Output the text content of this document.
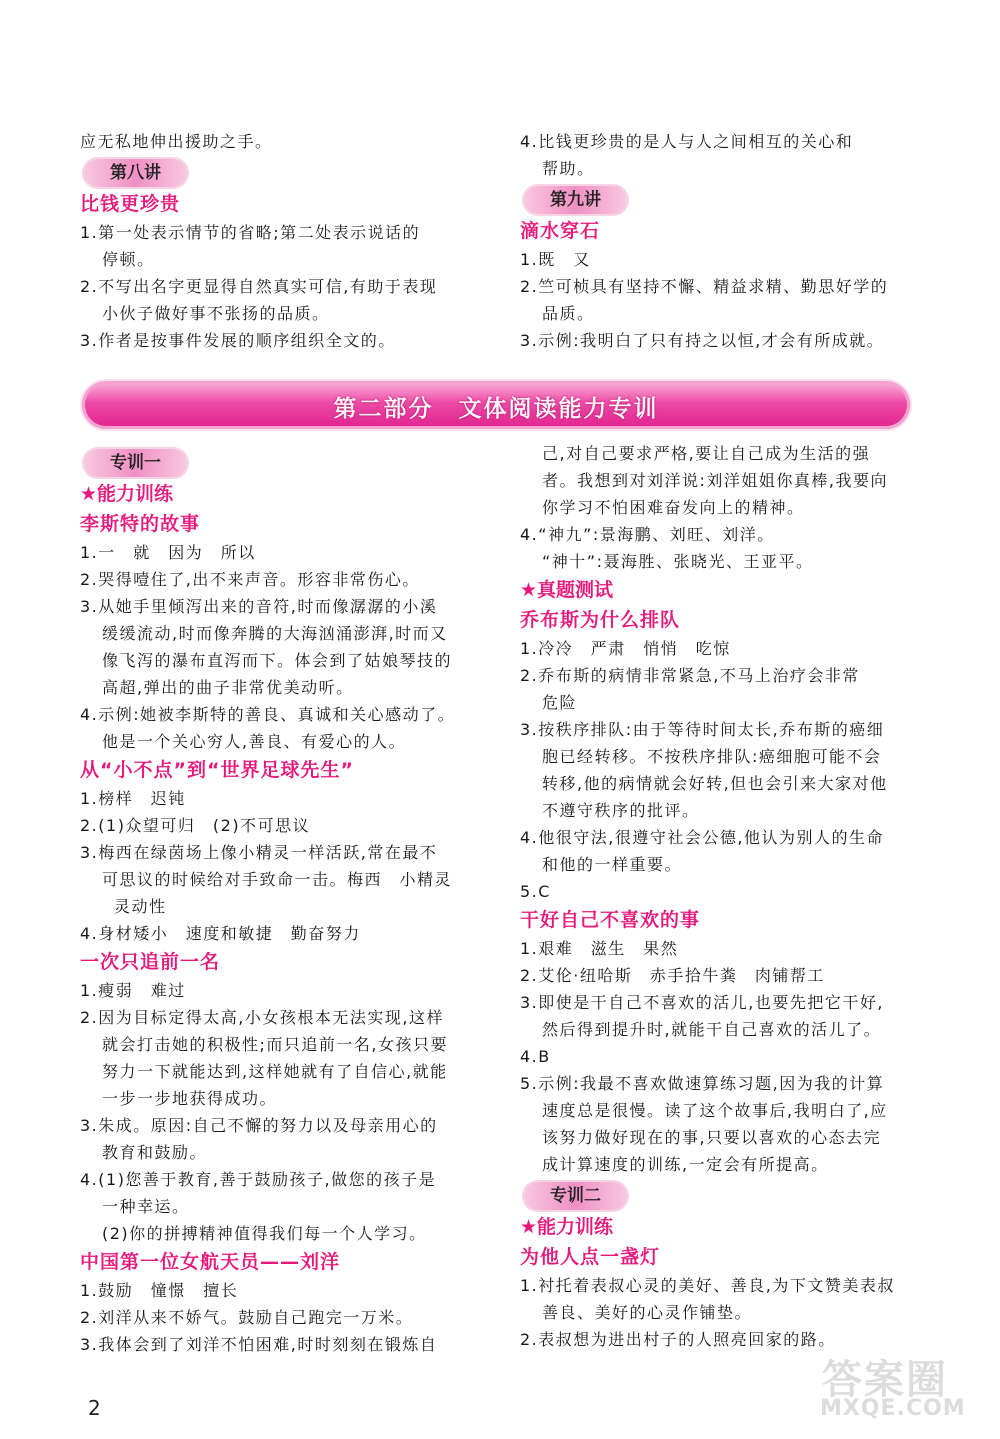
应无私地伸出援助之手。
第八讲
比钱更珍贵
1.第一处表示情节的省略;第二处表示说话的
停顿。
2.不写出名字更显得自然真实可信,有助于表现
小伙子做好事不张扬的品质。
3.作者是按事件发展的顺序组织全文的。
4.比钱更珍贵的是人与人之间相互的关心和
帮助。
第九讲
滴水穿石
1.既　又
2.竺可桢具有坚持不懈、精益求精、勤思好学的
品质。
3.示例:我明白了只有持之以恒,才会有所成就。
第二部分　文体阅读能力专训
专训一
★能力训练
李斯特的故事
1.一　就　因为　所以
2.哭得噎住了,出不来声音。形容非常伤心。
3.从她手里倾泻出来的音符,时而像潺潺的小溪
缓缓流动,时而像奔腾的大海汹涌澎湃,时而又
像飞泻的瀑布直泻而下。体会到了姑娘琴技的
高超,弹出的曲子非常优美动听。
4.示例:她被李斯特的善良、真诚和关心感动了。
他是一个关心穷人,善良、有爱心的人。
从“小不点”到“世界足球先生”
1.榜样　迟钝
2.(1)众望可归　(2)不可思议
3.梅西在绿茵场上像小精灵一样活跃,常在最不
可思议的时候给对手致命一击。梅西　小精灵
灵动性
4.身材矮小　速度和敏捷　勤奋努力
一次只追前一名
1.瘦弱　难过
2.因为目标定得太高,小女孩根本无法实现,这样
就会打击她的积极性;而只追前一名,女孩只要
努力一下就能达到,这样她就有了自信心,就能
一步一步地获得成功。
3.朱成。原因:自己不懈的努力以及母亲用心的
教育和鼓励。
4.(1)您善于教育,善于鼓励孩子,做您的孩子是
一种幸运。
(2)你的拼搏精神值得我们每一个人学习。
中国第一位女航天员——刘洋
1.鼓励　憧憬　擅长
2.刘洋从来不娇气。鼓励自己跑完一万米。
3.我体会到了刘洋不怕困难,时时刻刻在锻炼自
己,对自己要求严格,要让自己成为生活的强
者。我想到对刘洋说:刘洋姐姐你真棒,我要向
你学习不怕困难奋发向上的精神。
4.“神九”:景海鹏、刘旺、刘洋。
“神十”:聂海胜、张晓光、王亚平。
★真题测试
乔布斯为什么排队
1.冷冷　严肃　悄悄　吃惊
2.乔布斯的病情非常紧急,不马上治疗会非常
危险
3.按秩序排队:由于等待时间太长,乔布斯的癌细
胞已经转移。不按秩序排队:癌细胞可能不会
转移,他的病情就会好转,但也会引来大家对他
不遵守秩序的批评。
4.他很守法,很遵守社会公德,他认为别人的生命
和他的一样重要。
5.C
干好自己不喜欢的事
1.艰难　滋生　果然
2.艾伦·纽哈斯　赤手拾牛粪　肉铺帮工
3.即使是干自己不喜欢的活儿,也要先把它干好,
然后得到提升时,就能干自己喜欢的活儿了。
4.B
5.示例:我最不喜欢做速算练习题,因为我的计算
速度总是很慢。读了这个故事后,我明白了,应
该努力做好现在的事,只要以喜欢的心态去完
成计算速度的训练,一定会有所提高。
专训二
★能力训练
为他人点一盏灯
1.衬托着表叔心灵的美好、善良,为下文赞美表叔
善良、美好的心灵作铺垫。
2.表叔想为进出村子的人照亮回家的路。
2
答案圈
MXQE.COM
